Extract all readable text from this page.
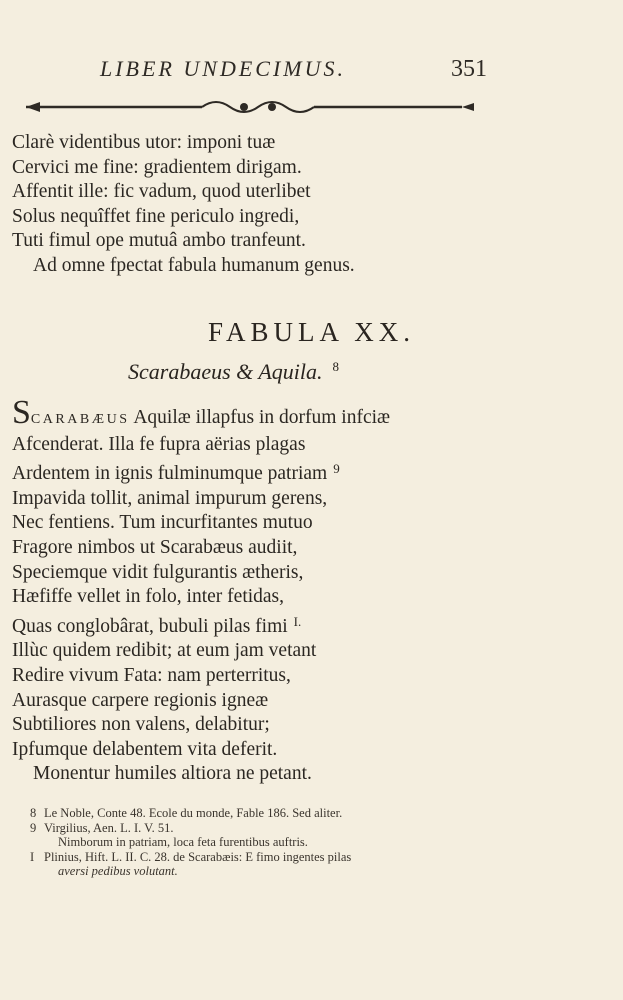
LIBER UNDECIMUS.	351
Clarè videntibus utor: imponi tuæ
Cervici me fine: gradientem dirigam.
Affentit ille: fic vadum, quod uterlibet
Solus nequîffet fine periculo ingredi,
Tuti fimul ope mutuâ ambo tranfeunt.
Ad omne fpectat fabula humanum genus.
FABULA XX.
Scarabaeus & Aquila. $^8$
SCARABÆUS Aquilæ illapfus in dorfum infciæ
Afcenderat. Illa fe fupra aërias plagas
Ardentem in ignis fulminumque patriam $^9$
Impavida tollit, animal impurum gerens,
Nec fentiens. Tum incurfitantes mutuo
Fragore nimbos ut Scarabæus audiit,
Speciemque vidit fulgurantis ætheris,
Hæfiffe vellet in folo, inter fetidas,
Quas conglobârat, bubuli pilas fimi $^{I.}$
Illùc quidem redibit; at eum jam vetant
Redire vivum Fata: nam perterritus,
Aurasque carpere regionis igneæ
Subtiliores non valens, delabitur;
Ipfumque delabentem vita deferit.
Monentur humiles altiora ne petant.
8 Le Noble, Conte 48. Ecole du monde, Fable 186. Sed aliter.
9 Virgilius, Aen. L. I. V. 51.
Nimborum in patriam, loca feta furentibus auftris.
I Plinius, Hift. L. II. C. 28. de Scarabæis: E fimo ingentes pilas
aversi pedibus volutant.
